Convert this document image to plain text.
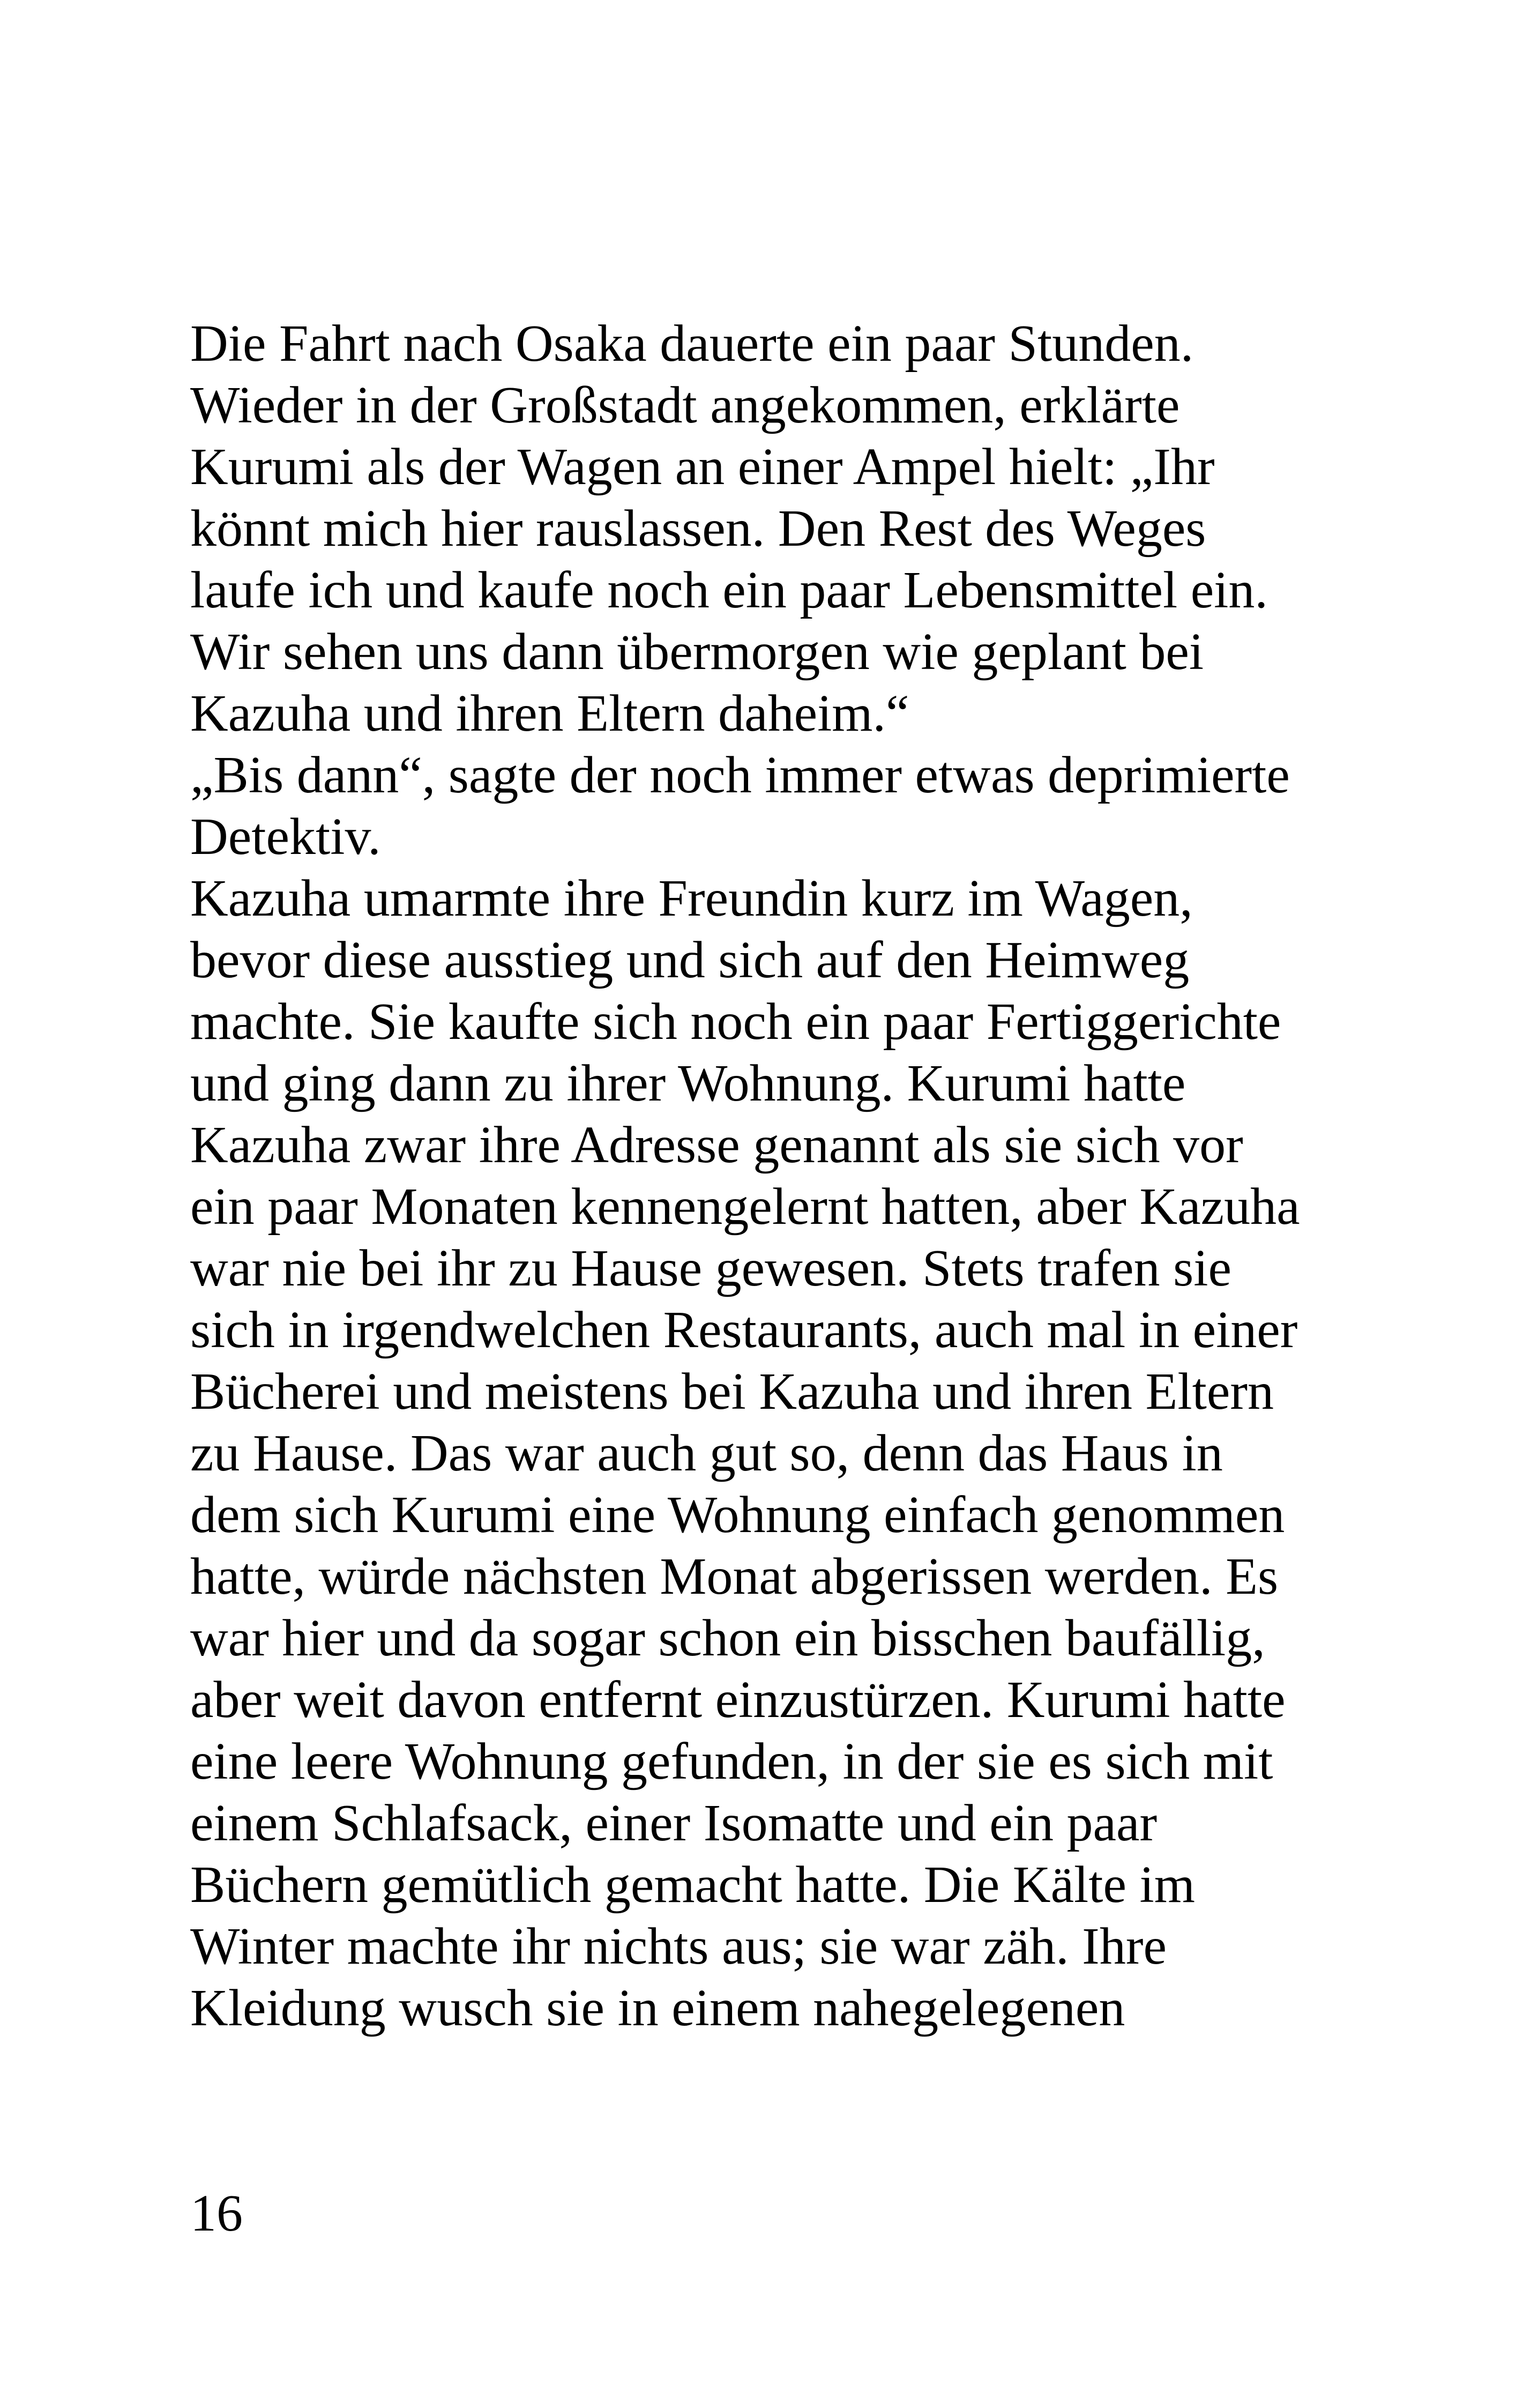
Die Fahrt nach Osaka dauerte ein paar Stunden.
Wieder in der Großstadt angekommen, erklärte
Kurumi als der Wagen an einer Ampel hielt: „Ihr
könnt mich hier rauslassen. Den Rest des Weges
laufe ich und kaufe noch ein paar Lebensmittel ein.
Wir sehen uns dann übermorgen wie geplant bei
Kazuha und ihren Eltern daheim.“
„Bis dann“, sagte der noch immer etwas deprimierte
Detektiv.
Kazuha umarmte ihre Freundin kurz im Wagen,
bevor diese ausstieg und sich auf den Heimweg
machte. Sie kaufte sich noch ein paar Fertiggerichte
und ging dann zu ihrer Wohnung. Kurumi hatte
Kazuha zwar ihre Adresse genannt als sie sich vor
ein paar Monaten kennengelernt hatten, aber Kazuha
war nie bei ihr zu Hause gewesen. Stets trafen sie
sich in irgendwelchen Restaurants, auch mal in einer
Bücherei und meistens bei Kazuha und ihren Eltern
zu Hause. Das war auch gut so, denn das Haus in
dem sich Kurumi eine Wohnung einfach genommen
hatte, würde nächsten Monat abgerissen werden. Es
war hier und da sogar schon ein bisschen baufällig,
aber weit davon entfernt einzustürzen. Kurumi hatte
eine leere Wohnung gefunden, in der sie es sich mit
einem Schlafsack, einer Isomatte und ein paar
Büchern gemütlich gemacht hatte. Die Kälte im
Winter machte ihr nichts aus; sie war zäh. Ihre
Kleidung wusch sie in einem nahegelegenen
16
